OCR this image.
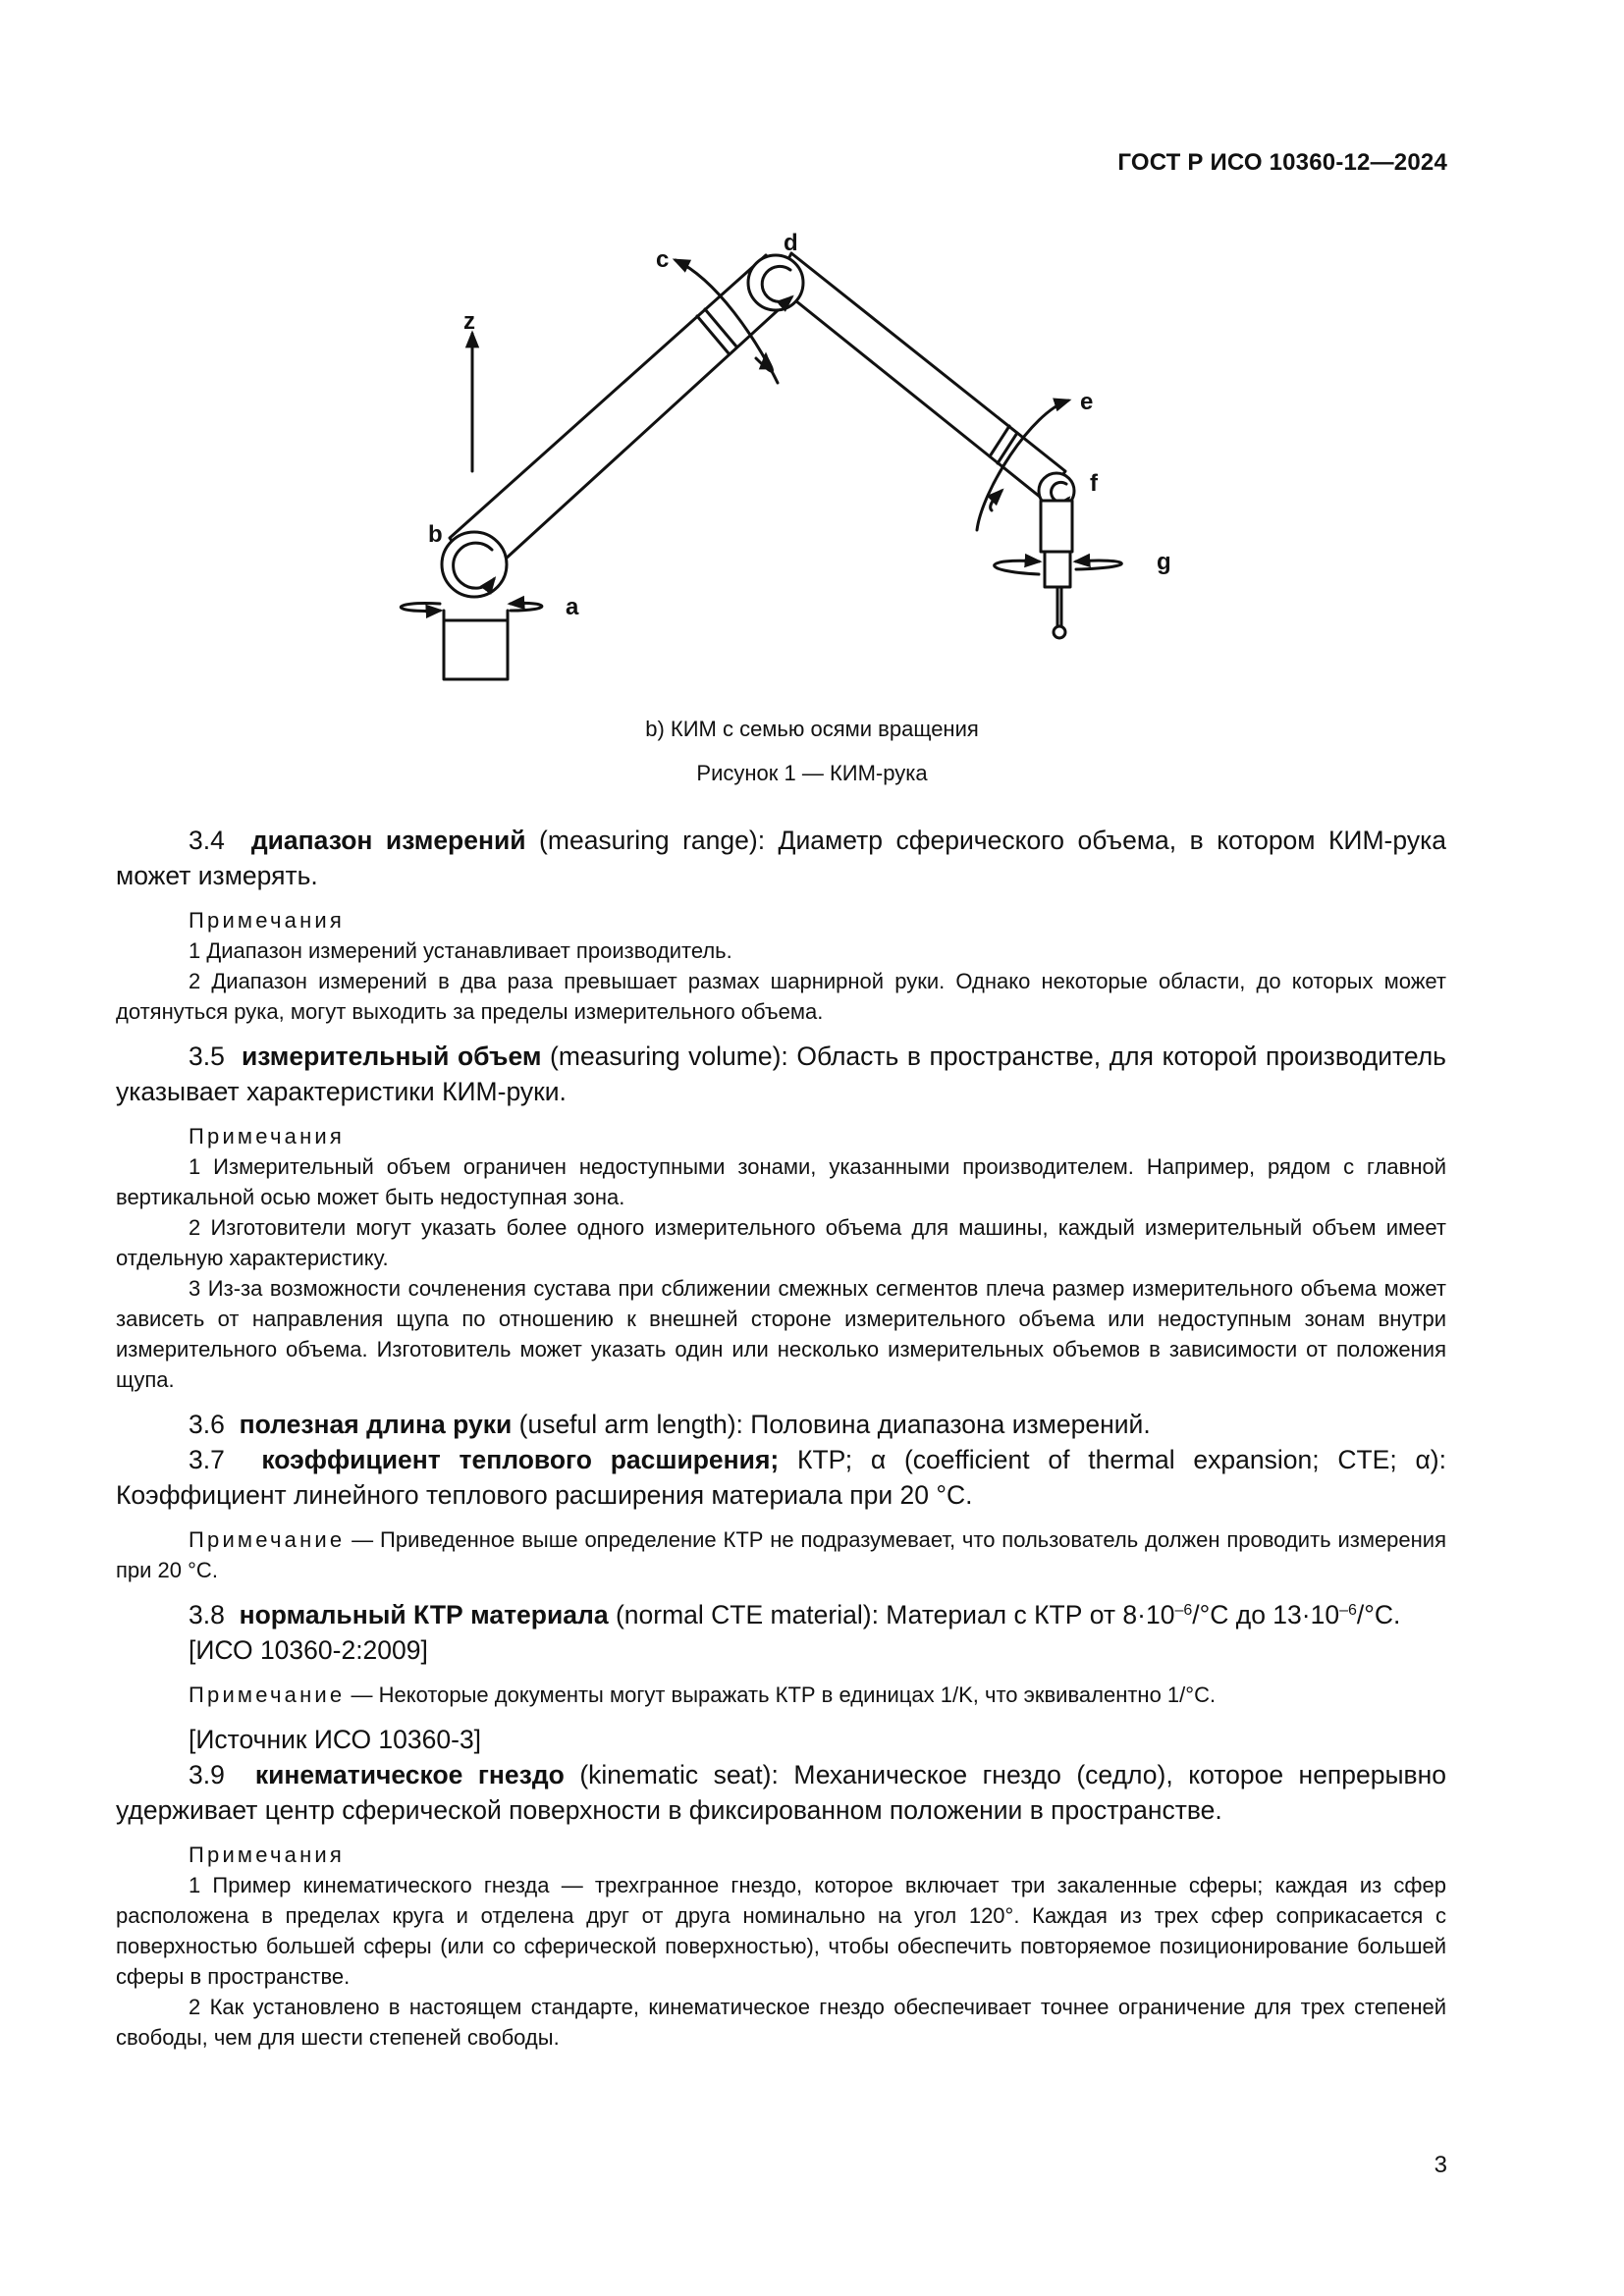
ГОСТ Р ИСО 10360-12—2024
z
a
b
d
c
e
f
g
b) КИМ с семью осями вращения
Рисунок 1 — КИМ-рука

3.4 диапазон измерений (measuring range): Диаметр сферического объема, в котором КИМ-рука может измерять.

Примечания

1 Диапазон измерений устанавливает производитель.

2 Диапазон измерений в два раза превышает размах шарнирной руки. Однако некоторые области, до которых может дотянуться рука, могут выходить за пределы измерительного объема.

3.5 измерительный объем (measuring volume): Область в пространстве, для которой производитель указывает характеристики КИМ-руки.

Примечания

1 Измерительный объем ограничен недоступными зонами, указанными производителем. Например, рядом с главной вертикальной осью может быть недоступная зона.

2 Изготовители могут указать более одного измерительного объема для машины, каждый измерительный объем имеет отдельную характеристику.

3 Из-за возможности сочленения сустава при сближении смежных сегментов плеча размер измерительного объема может зависеть от направления щупа по отношению к внешней стороне измерительного объема или недоступным зонам внутри измерительного объема. Изготовитель может указать один или несколько измерительных объемов в зависимости от положения щупа.

3.6 полезная длина руки (useful arm length): Половина диапазона измерений.

3.7 коэффициент теплового расширения; КТР; α (coefficient of thermal expansion; CTE; α): Коэффициент линейного теплового расширения материала при 20 °С.

Примечание — Приведенное выше определение КТР не подразумевает, что пользователь должен проводить измерения при 20 °С.

3.8 нормальный КТР материала (normal CTE material): Материал с КТР от $8\cdot 10^{-6}/^\circ С$ до $13\cdot 10^{-6}/^\circ С$.

[ИСО 10360-2:2009]

Примечание — Некоторые документы могут выражать КТР в единицах 1/K, что эквивалентно 1/°С.

[Источник ИСО 10360-3]

3.9 кинематическое гнездо (kinematic seat): Механическое гнездо (седло), которое непрерывно удерживает центр сферической поверхности в фиксированном положении в пространстве.

Примечания

1 Пример кинематического гнезда — трехгранное гнездо, которое включает три закаленные сферы; каждая из сфер расположена в пределах круга и отделена друг от друга номинально на угол 120°. Каждая из трех сфер соприкасается с поверхностью большей сферы (или со сферической поверхностью), чтобы обеспечить повторяемое позиционирование большей сферы в пространстве.

2 Как установлено в настоящем стандарте, кинематическое гнездо обеспечивает точнее ограничение для трех степеней свободы, чем для шести степеней свободы.

3
